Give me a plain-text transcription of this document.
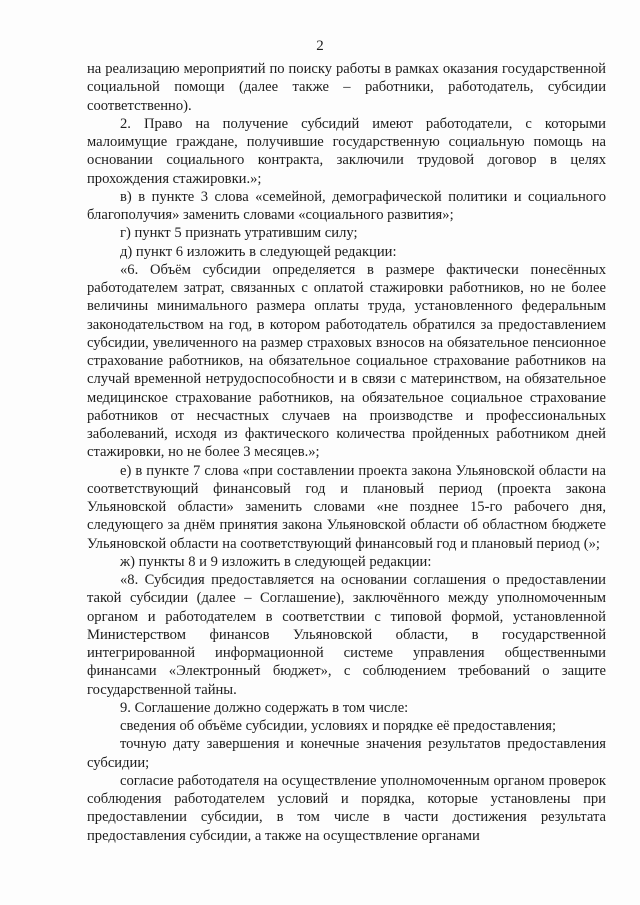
2

на реализацию мероприятий по поиску работы в рамках оказания государственной социальной помощи (далее также – работники, работодатель, субсидии соответственно).

2. Право на получение субсидий имеют работодатели, с которыми малоимущие граждане, получившие государственную социальную помощь на основании социального контракта, заключили трудовой договор в целях прохождения стажировки.»;

в) в пункте 3 слова «семейной, демографической политики и социального благополучия» заменить словами «социального развития»;

г) пункт 5 признать утратившим силу;

д) пункт 6 изложить в следующей редакции:

«6. Объём субсидии определяется в размере фактически понесённых работодателем затрат, связанных с оплатой стажировки работников, но не более величины минимального размера оплаты труда, установленного федеральным законодательством на год, в котором работодатель обратился за предоставлением субсидии, увеличенного на размер страховых взносов на обязательное пенсионное страхование работников, на обязательное социальное страхование работников на случай временной нетрудоспособности и в связи с материнством, на обязательное медицинское страхование работников, на обязательное социальное страхование работников от несчастных случаев на производстве и профессиональных заболеваний, исходя из фактического количества пройденных работником дней стажировки, но не более 3 месяцев.»;

е) в пункте 7 слова «при составлении проекта закона Ульяновской области на соответствующий финансовый год и плановый период (проекта закона Ульяновской области» заменить словами «не позднее 15-го рабочего дня, следующего за днём принятия закона Ульяновской области об областном бюджете Ульяновской области на соответствующий финансовый год и плановый период (»;

ж) пункты 8 и 9 изложить в следующей редакции:

«8. Субсидия предоставляется на основании соглашения о предоставлении такой субсидии (далее – Соглашение), заключённого между уполномоченным органом и работодателем в соответствии с типовой формой, установленной Министерством финансов Ульяновской области, в государственной интегрированной информационной системе управления общественными финансами «Электронный бюджет», с соблюдением требований о защите государственной тайны.

9. Соглашение должно содержать в том числе:

сведения об объёме субсидии, условиях и порядке её предоставления;

точную дату завершения и конечные значения результатов предоставления субсидии;

согласие работодателя на осуществление уполномоченным органом проверок соблюдения работодателем условий и порядка, которые установлены при предоставлении субсидии, в том числе в части достижения результата предоставления субсидии, а также на осуществление органами
